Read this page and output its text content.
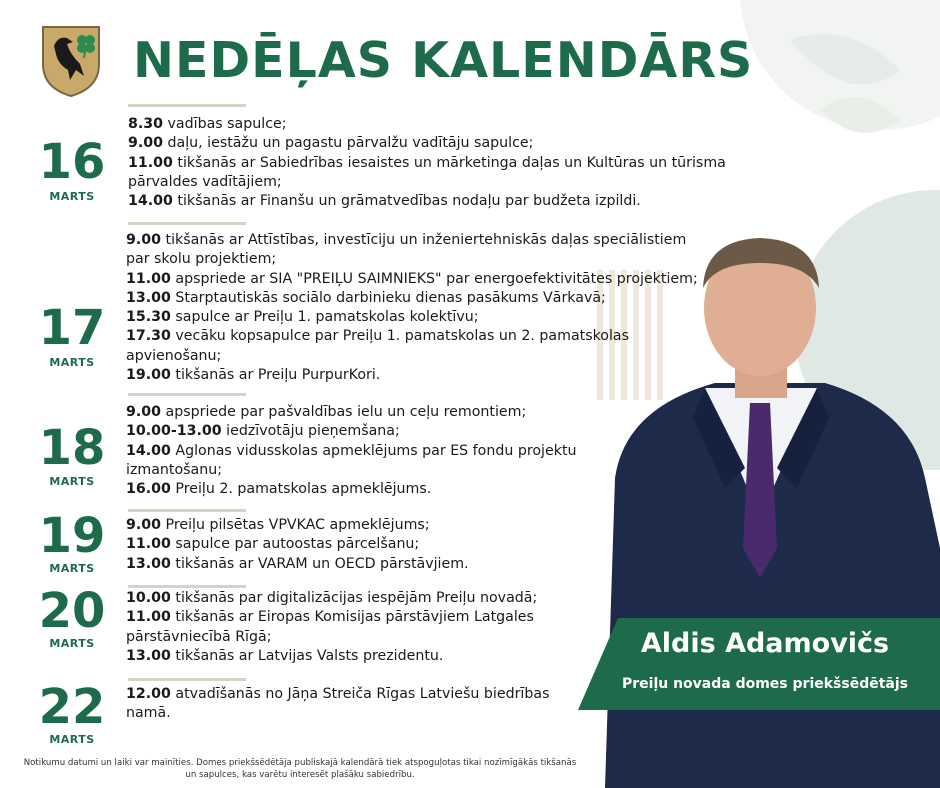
NEDĒĻAS KALENDĀRS
16
MARTS
8.30 vadības sapulce;
9.00 daļu, iestāžu un pagastu pārvalžu vadītāju sapulce;
11.00 tikšanās ar Sabiedrības iesaistes un mārketinga daļas un Kultūras un tūrisma pārvaldes vadītājiem;
14.00 tikšanās ar Finanšu un grāmatvedības nodaļu par budžeta izpildi.
17
MARTS
9.00 tikšanās ar Attīstības, investīciju un inženiertehniskās daļas speciālistiem par skolu projektiem;
11.00 apspriede ar SIA "PREIĻU SAIMNIEKS" par energoefektivitātes projektiem;
13.00 Starptautiskās sociālo darbinieku dienas pasākums Vārkavā;
15.30 sapulce ar Preiļu 1. pamatskolas kolektīvu;
17.30 vecāku kopsapulce par Preiļu 1. pamatskolas un 2. pamatskolas apvienošanu;
19.00 tikšanās ar Preiļu PurpurKori.
18
MARTS
9.00 apspriede par pašvaldības ielu un ceļu remontiem;
10.00-13.00 iedzīvotāju pieņemšana;
14.00 Aglonas vidusskolas apmeklējums par ES fondu projektu izmantošanu;
16.00 Preiļu 2. pamatskolas apmeklējums.
19
MARTS
9.00 Preiļu pilsētas VPVKAC apmeklējums;
11.00 sapulce par autoostas pārcelšanu;
13.00 tikšanās ar VARAM un OECD pārstāvjiem.
20
MARTS
10.00 tikšanās par digitalizācijas iespējām Preiļu novadā;
11.00 tikšanās ar Eiropas Komisijas pārstāvjiem Latgales pārstāvniecībā Rīgā;
13.00 tikšanās ar Latvijas Valsts prezidentu.
22
MARTS
12.00 atvadīšanās no Jāņa Streiča Rīgas Latviešu biedrības namā.
Notikumu datumi un laiki var mainīties. Domes priekšsēdētāja publiskajā kalendārā tiek atspoguļotas tikai nozīmīgākās tikšanās un sapulces, kas varētu interesēt plašāku sabiedrību.
Aldis Adamovičs
Preiļu novada domes priekšsēdētājs
